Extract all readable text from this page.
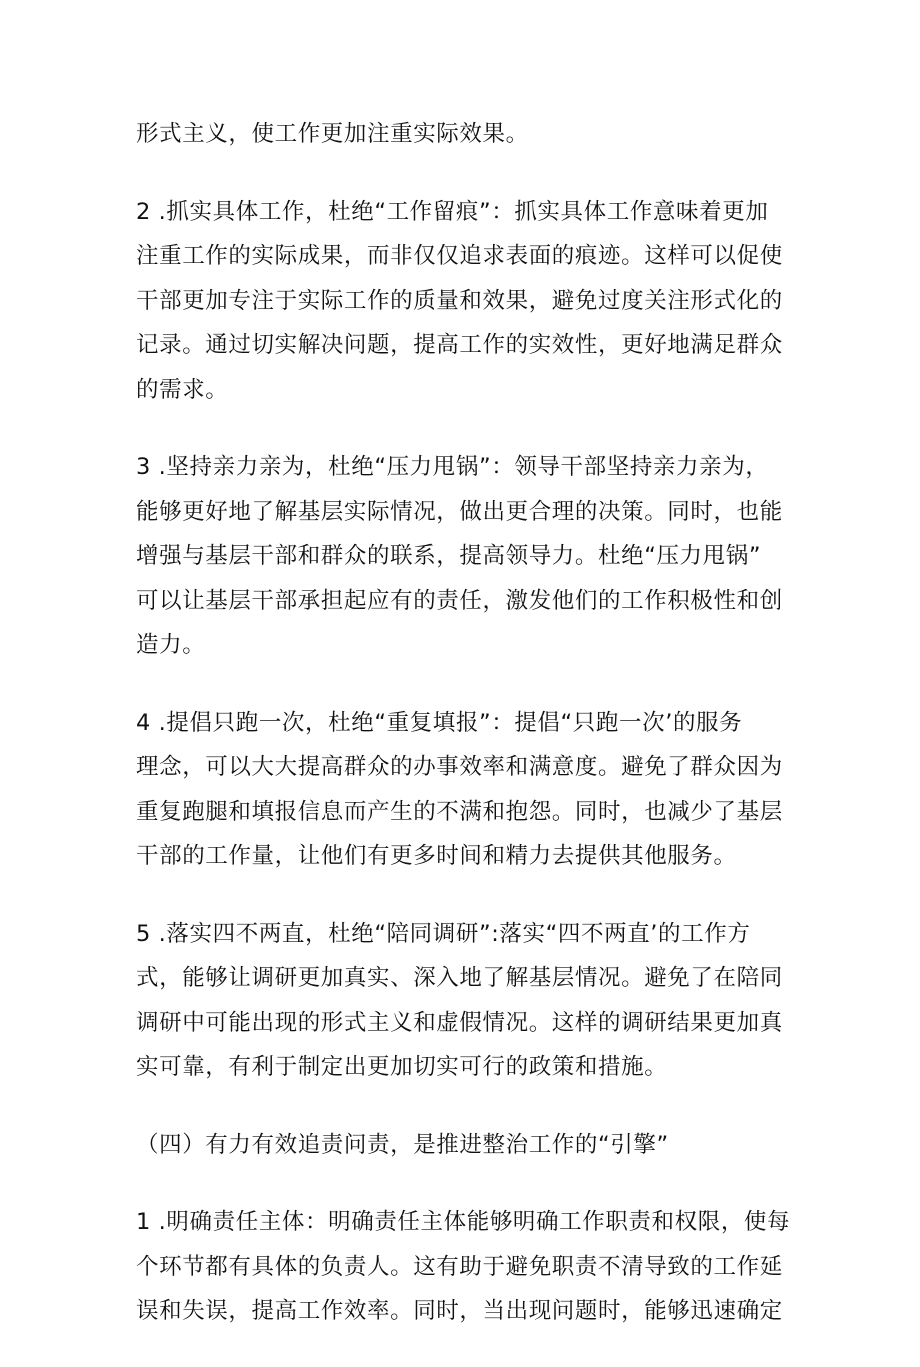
形式主义，使工作更加注重实际效果。

2 .抓实具体工作，杜绝“工作留痕”：抓实具体工作意味着更加
注重工作的实际成果，而非仅仅追求表面的痕迹。这样可以促使
干部更加专注于实际工作的质量和效果，避免过度关注形式化的
记录。通过切实解决问题，提高工作的实效性，更好地满足群众
的需求。

3 .坚持亲力亲为，杜绝“压力甩锅”：领导干部坚持亲力亲为，
能够更好地了解基层实际情况，做出更合理的决策。同时，也能
增强与基层干部和群众的联系，提高领导力。杜绝“压力甩锅”
可以让基层干部承担起应有的责任，激发他们的工作积极性和创
造力。

4 .提倡只跑一次，杜绝“重复填报”：提倡“只跑一次’的服务
理念，可以大大提高群众的办事效率和满意度。避免了群众因为
重复跑腿和填报信息而产生的不满和抱怨。同时，也减少了基层
干部的工作量，让他们有更多时间和精力去提供其他服务。

5 .落实四不两直，杜绝“陪同调研”:落实“四不两直’的工作方
式，能够让调研更加真实、深入地了解基层情况。避免了在陪同
调研中可能出现的形式主义和虚假情况。这样的调研结果更加真
实可靠，有利于制定出更加切实可行的政策和措施。

（四）有力有效追责问责，是推进整治工作的“引擎”

1 .明确责任主体：明确责任主体能够明确工作职责和权限，使每
个环节都有具体的负责人。这有助于避免职责不清导致的工作延
误和失误，提高工作效率。同时，当出现问题时，能够迅速确定
